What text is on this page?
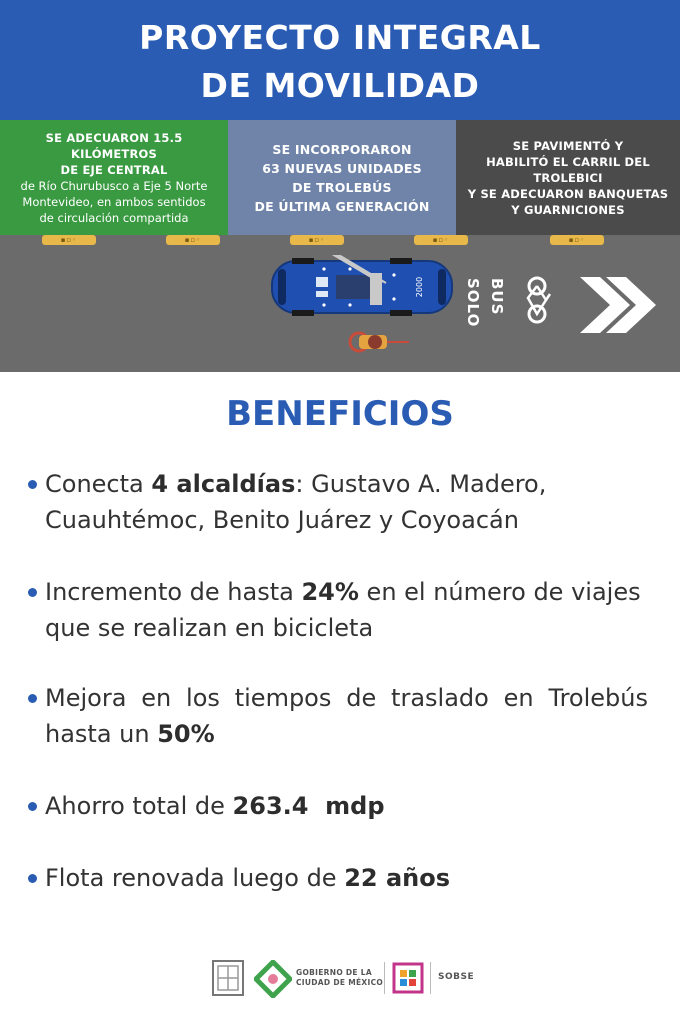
PROYECTO INTEGRAL
DE MOVILIDAD
SE ADECUARON 15.5 KILÓMETROS
DE EJE CENTRAL
de Río Churubusco a Eje 5 Norte
Montevideo, en ambos sentidos
de circulación compartida
SE INCORPORARON
63 NUEVAS UNIDADES
DE TROLEBÚS
DE ÚLTIMA GENERACIÓN
SE PAVIMENTÓ Y
HABILITÓ EL CARRIL DEL TROLEBICI
Y SE ADECUARON BANQUETAS
Y GUARNICIONES
▪▫◦	▪▫◦	▪▫◦	▪▫◦	▪▫◦
2000	BUS
SOLO
BENEFICIOS
Conecta 4 alcaldías: Gustavo A. Madero, Cuauhtémoc, Benito Juárez y Coyoacán
Incremento de hasta 24% en el número de viajes que se realizan en bicicleta
Mejora en los tiempos de traslado en Trolebús hasta un 50%
Ahorro total de 263.4  mdp
Flota renovada luego de 22 años
GOBIERNO DE LA
CIUDAD DE MÉXICO
SOBSE
